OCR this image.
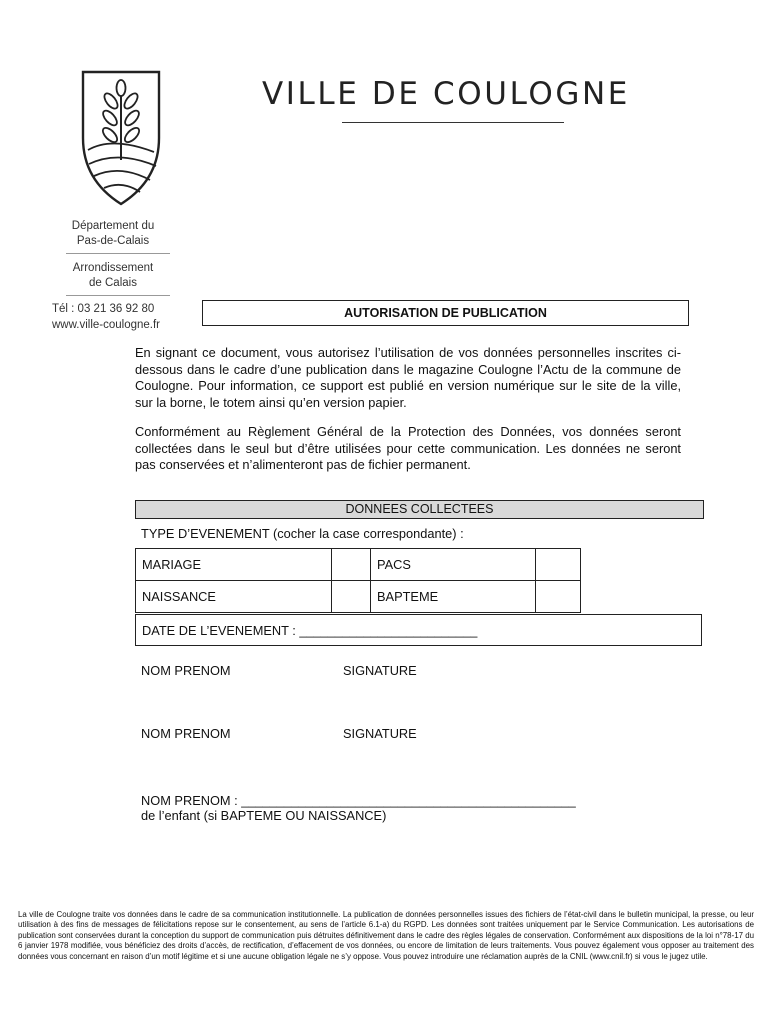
VILLE DE COULOGNE
Département du
Pas-de-Calais
Arrondissement
de Calais
Tél : 03 21 36 92 80
www.ville-coulogne.fr
AUTORISATION DE PUBLICATION
En signant ce document, vous autorisez l’utilisation de vos données personnelles inscrites ci-dessous dans le cadre d’une publication dans le magazine Coulogne l’Actu de la commune de Coulogne. Pour information, ce support est publié en version numérique sur le site de la ville, sur la borne, le totem ainsi qu’en version papier.
Conformément au Règlement Général de la Protection des Données, vos données seront collectées dans le seul but d’être utilisées pour cette communication. Les données ne seront pas conservées et n’alimenteront pas de fichier permanent.
DONNEES COLLECTEES
TYPE D’EVENEMENT (cocher la case correspondante) :
MARIAGE		PACS	
NAISSANCE		BAPTEME	
DATE DE L’EVENEMENT : _________________________
NOM PRENOM	SIGNATURE
NOM PRENOM	SIGNATURE
NOM PRENOM : _______________________________________________
de l’enfant (si BAPTEME OU NAISSANCE)
La ville de Coulogne traite vos données dans le cadre de sa communication institutionnelle. La publication de données personnelles issues des fichiers de l’état-civil dans le bulletin municipal, la presse, ou leur utilisation à des fins de messages de félicitations repose sur le consentement, au sens de l’article 6.1-a) du RGPD. Les données sont traitées uniquement par le Service Communication. Les autorisations de publication sont conservées durant la conception du support de communication puis détruites définitivement dans le cadre des règles légales de conservation. Conformément aux dispositions de la loi n°78-17 du 6 janvier 1978 modifiée, vous bénéficiez des droits d’accès, de rectification, d’effacement de vos données, ou encore de limitation de leurs traitements. Vous pouvez également vous opposer au traitement des données vous concernant en raison d’un motif légitime et si une aucune obligation légale ne s’y oppose. Vous pouvez introduire une réclamation auprès de la CNIL (www.cnil.fr) si vous le jugez utile.
